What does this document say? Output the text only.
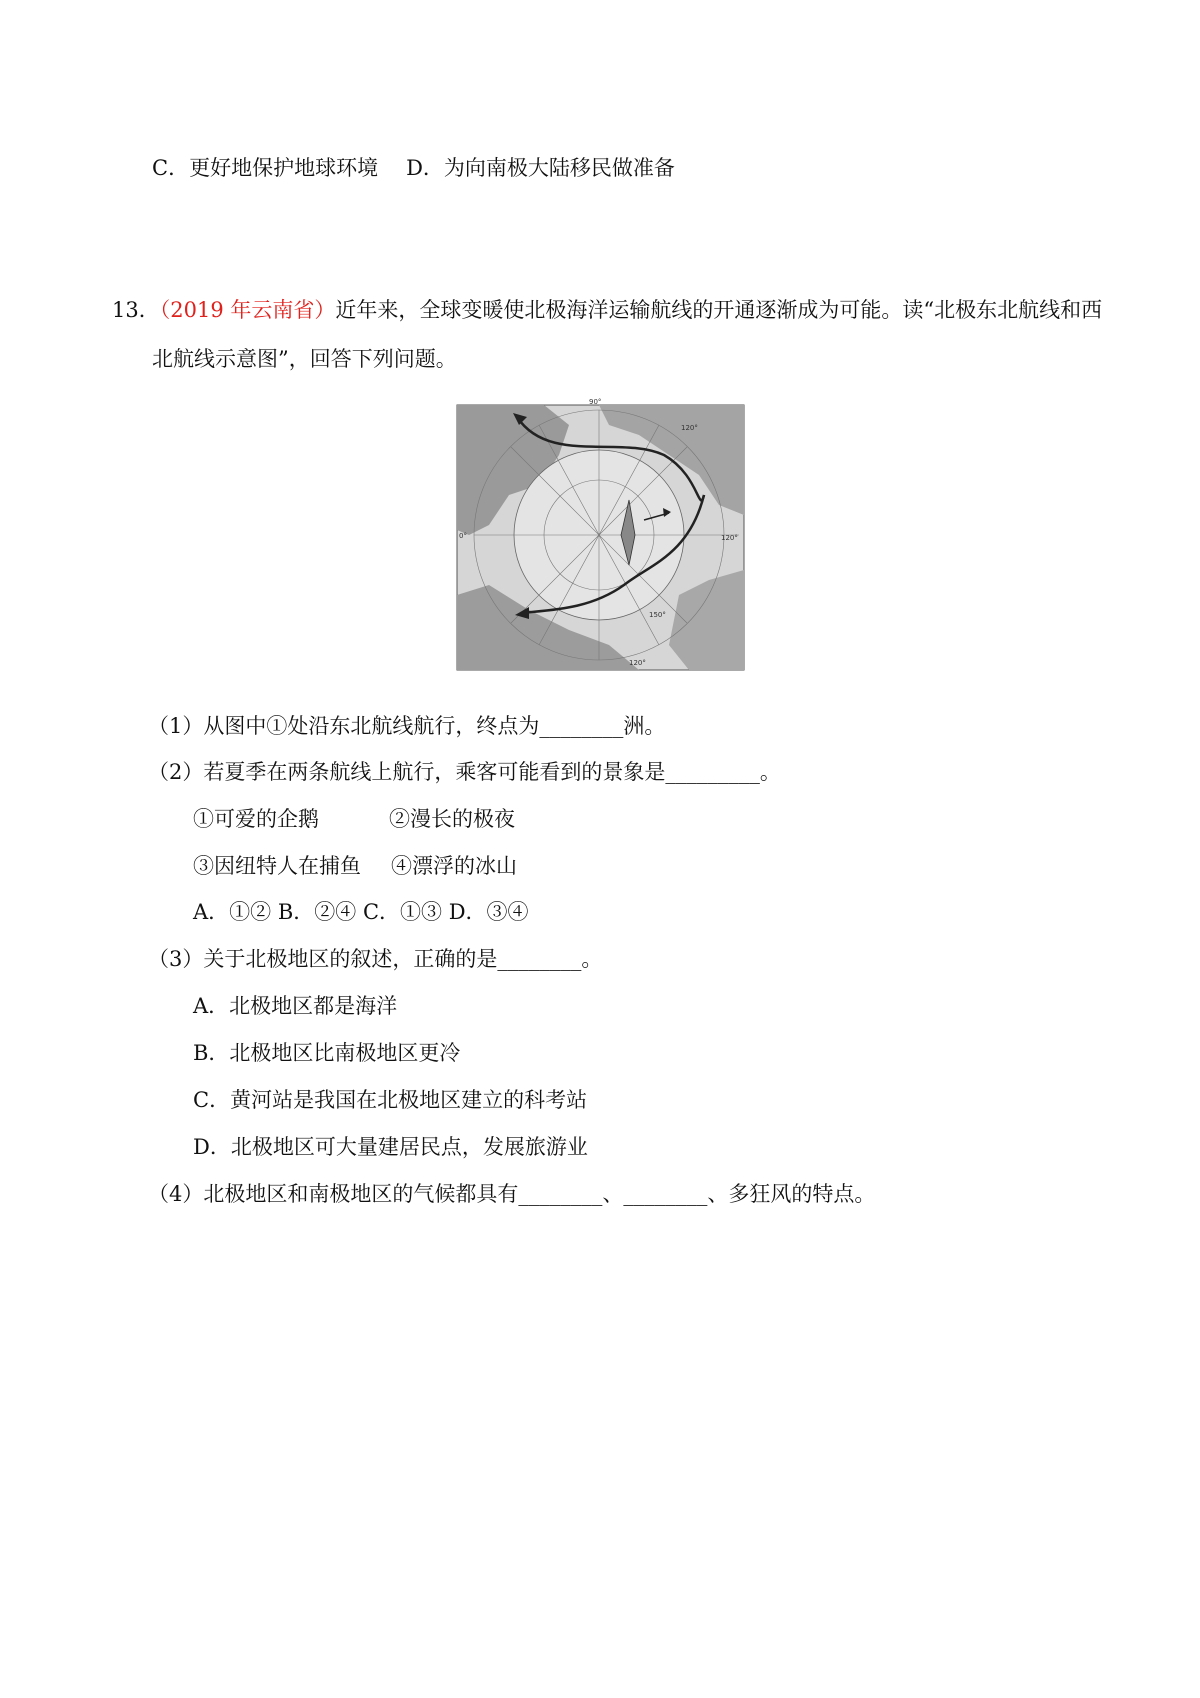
C．更好地保护地球环境 D．为向南极大陆移民做准备
13．（2019 年云南省）近年来，全球变暖使北极海洋运输航线的开通逐渐成为可能。读“北极东北航线和西
北航线示意图”，回答下列问题。
90°
120°
0°	120°
150°
120°
（1）从图中①处沿东北航线航行，终点为________洲。
（2）若夏季在两条航线上航行，乘客可能看到的景象是_________。
①可爱的企鹅	②漫长的极夜
③因纽特人在捕鱼 ④漂浮的冰山
A．①② B．②④ C．①③ D．③④
（3）关于北极地区的叙述，正确的是________。
A．北极地区都是海洋
B．北极地区比南极地区更冷
C．黄河站是我国在北极地区建立的科考站
D．北极地区可大量建居民点，发展旅游业
（4）北极地区和南极地区的气候都具有________、________、多狂风的特点。
